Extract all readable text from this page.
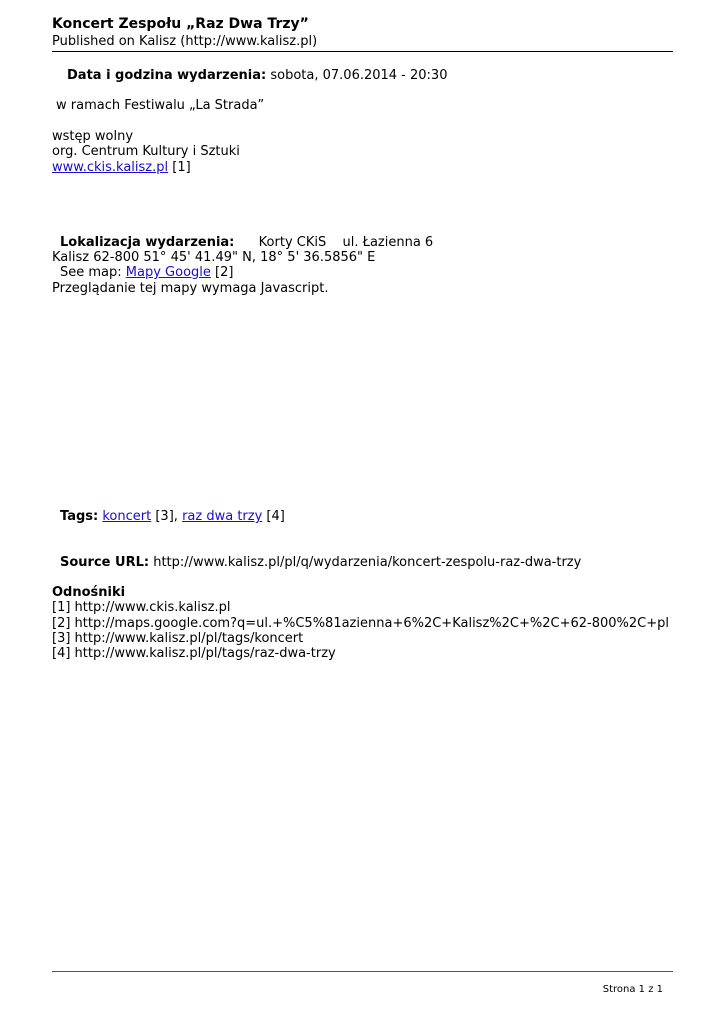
Koncert Zespołu „Raz Dwa Trzy”
Published on Kalisz (http://www.kalisz.pl)
Data i godzina wydarzenia: sobota, 07.06.2014 - 20:30
w ramach Festiwalu „La Strada”
wstęp wolny
org. Centrum Kultury i Sztuki
www.ckis.kalisz.pl [1]
Lokalizacja wydarzenia: Korty CKiS ul. Łazienna 6
Kalisz 62-800 51° 45' 41.49" N, 18° 5' 36.5856" E
See map: Mapy Google [2]
Przeglądanie tej mapy wymaga Javascript.
Tags: koncert [3], raz dwa trzy [4]
Source URL: http://www.kalisz.pl/pl/q/wydarzenia/koncert-zespolu-raz-dwa-trzy
Odnośniki
[1] http://www.ckis.kalisz.pl
[2] http://maps.google.com?q=ul.+%C5%81azienna+6%2C+Kalisz%2C+%2C+62-800%2C+pl
[3] http://www.kalisz.pl/pl/tags/koncert
[4] http://www.kalisz.pl/pl/tags/raz-dwa-trzy
Strona 1 z 1
